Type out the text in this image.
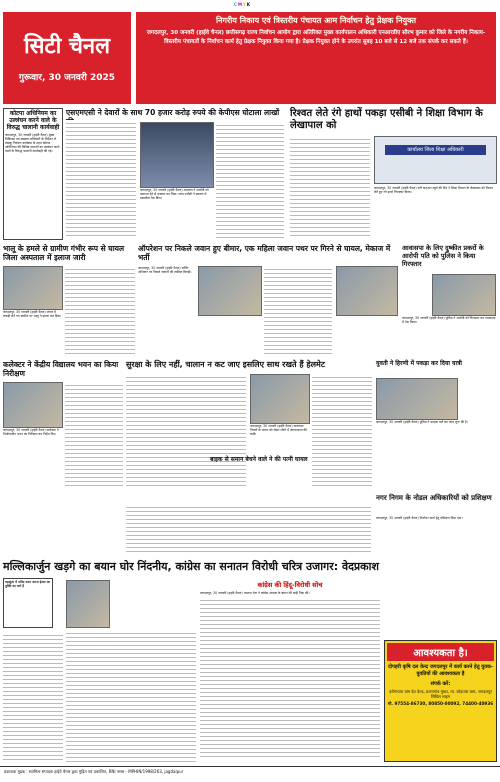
C M Y K
सिटी चैनल
गुरूवार, 30 जनवरी 2025
निगरीय निकाय एवं त्रिस्तरीय पंचायत आम निर्वाचन हेतु प्रेक्षक नियुक्त
जगदलपुर, 30 जनवरी (हाईवे चैनल) छत्तीसगढ़ राज्य निर्वाचन आयोग द्वारा अतिरिक्त मुख्य कार्यपालन अधिकारी एनआरडीए सौरभ कुमार को जिले के नगरीय निकाय-त्रिस्तरीय पंचायतों के निर्वाचन कार्य हेतु प्रेक्षक नियुक्त किया गया है। प्रेक्षक नियुक्त होने के उपरांत सुबह 10 बजे से 12 बजे तक संपर्क कर सकते हैं।
कोटपा अधिनियम का उल्लंघन करने वाले के विरुद्ध चालानी कार्यवाही
जगदलपुर, 30 जनवरी (हाईवे चैनल) मुख्य चिकित्सा एवं स्वास्थ्य अधिकारी के निर्देशन में तंबाकू नियंत्रण कार्यक्रम के तहत कोटपा अधिनियम की विभिन्न धाराओं का उल्लंघन करने वालों के विरुद्ध चालानी कार्यवाही की गई।
एसएमएसी ने देवारों के साथ 70 हजार करोड़ रुपये की केपीएस घोटाला लाखों
जगदलपुर, 30 जनवरी (हाईवे चैनल) अदालत ने आरोपी को जमानत देने से इनकार कर दिया। जांच एजेंसी ने प्रकरण में दस्तावेज पेश किए।
रिश्वत लेते रंगे हाथों पकड़ा एसीबी ने शिक्षा विभाग के लेखापाल को
कार्यालय जिला शिक्षा अधिकारी
जगदलपुर, 30 जनवरी (हाईवे चैनल) एंटी करप्शन ब्यूरो की टीम ने शिक्षा विभाग के लेखापाल को रिश्वत लेते हुए रंगे हाथों गिरफ्तार किया।
भालू के हमले से ग्रामीण गंभीर रूप से घायल जिला अस्पताल में इलाज जारी
जगदलपुर, 30 जनवरी (हाईवे चैनल) जंगल में लकड़ी लेने गए ग्रामीण पर भालू ने हमला कर दिया।
ऑपरेशन पर निकले जवान हुए बीमार, एक महिला जवान पथर पर गिरने से घायल, मेकाज में भर्ती
जगदलपुर, 30 जनवरी (हाईवे चैनल) सर्चिंग अभियान पर निकले जवानों की तबीयत बिगड़ी।
आवासपा के लिए दुष्कीत प्रकरों के आरोपी पति को पुलिस ने किया गिरफ्तार
जगदलपुर, 30 जनवरी (हाईवे चैनल) पुलिस ने आरोपी को गिरफ्तार कर न्यायालय में पेश किया।
कलेक्टर ने केंद्रीय विद्यालय भवन का किया निरीक्षण
जगदलपुर, 30 जनवरी (हाईवे चैनल) कलेक्टर ने निर्माणाधीन भवन का निरीक्षण कर निर्देश दिए।
सुरक्षा के लिए नहीं, चालान न कट जाए इसलिए साथ रखते हैं हेलमेट
जगदलपुर, 30 जनवरी (हाईवे चैनल) यातायात नियमों के पालन को लेकर लोगों में जागरूकता की कमी।
युवती ने हिरणी में पकड़ा कर दिया यात्री
जगदलपुर, 30 जनवरी (हाईवे चैनल) पुलिस ने मामला दर्ज कर जांच शुरू की है।
बाइक से समान बेचने वाले ने की पत्नी घायल
नगर निगम के नोडल अधिकारियों को प्रशिक्षण
जगदलपुर, 30 जनवरी (हाईवे चैनल) निर्वाचन कार्य हेतु प्रशिक्षण दिया गया।
मल्लिकार्जुन खड़गे का बयान घोर निंदनीय, कांग्रेस का सनातन विरोधी चरित्र उजागर: वेदप्रकाश
महाकुंभ में पवित्र स्नान करना ईश्वर का मुक्ति का मार्ग है	कांग्रेस की हिंदू-विरोधी सोच
जगदलपुर, 30 जनवरी (हाईवे चैनल) भाजपा नेता ने कांग्रेस अध्यक्ष के बयान की कड़ी निंदा की।
आवश्यकता है।
दोपहरी कृषि दल केन्द्र जगदलपुर में कार्य करने हेतु युवक-युवतियों की आवश्यकता है
संपर्क करें:
दरोगापारा ग्राम देव केन्द्र, प्रतापगांव मुख्य, धा. जोड़पारा ग्राम, जगदलपुर सिविल लाइन
मो. 97554-86730, 80850-00092, 74400-40936
प्रकाशक मुद्रक : स्वामित्व संपादक हाईवे चैनल द्वारा मुद्रित एवं प्रकाशित, RNI नम्बर - MPHIN/1998/263, jagdalpur
